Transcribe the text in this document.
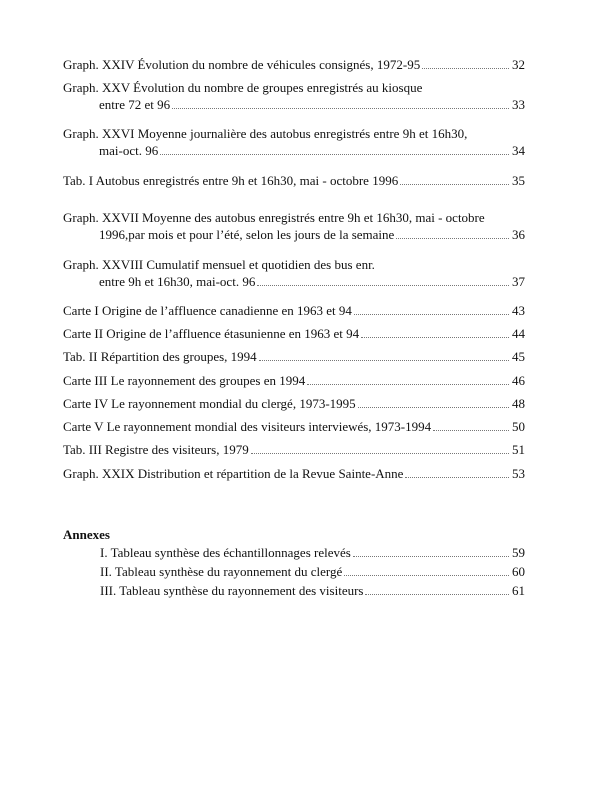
Graph. XXIV Évolution du nombre de véhicules consignés, 1972-95	32
Graph. XXV Évolution du nombre de groupes enregistrés au kiosque
entre 72 et 96	33
Graph. XXVI Moyenne journalière des autobus enregistrés entre 9h et 16h30,
mai-oct. 96	34
Tab. I Autobus enregistrés entre 9h et 16h30, mai - octobre 1996	35
Graph. XXVII Moyenne des autobus enregistrés entre 9h et 16h30, mai - octobre
1996,par mois et pour l’été, selon les jours de la semaine	36
Graph. XXVIII Cumulatif mensuel et quotidien des bus enr.
entre 9h et 16h30, mai-oct. 96	37
Carte I Origine de l’affluence canadienne en 1963 et 94	43
Carte II Origine de l’affluence étasunienne en 1963 et 94	44
Tab. II Répartition des groupes, 1994	45
Carte III Le rayonnement des groupes en 1994	46
Carte IV Le rayonnement mondial du clergé, 1973-1995	48
Carte V Le rayonnement mondial des visiteurs interviewés, 1973-1994	50
Tab. III Registre des visiteurs, 1979	51
Graph. XXIX Distribution et répartition de la Revue Sainte-Anne	53
Annexes
I. Tableau synthèse des échantillonnages relevés	59
II. Tableau synthèse du rayonnement du clergé	60
III. Tableau synthèse du rayonnement des visiteurs	61
